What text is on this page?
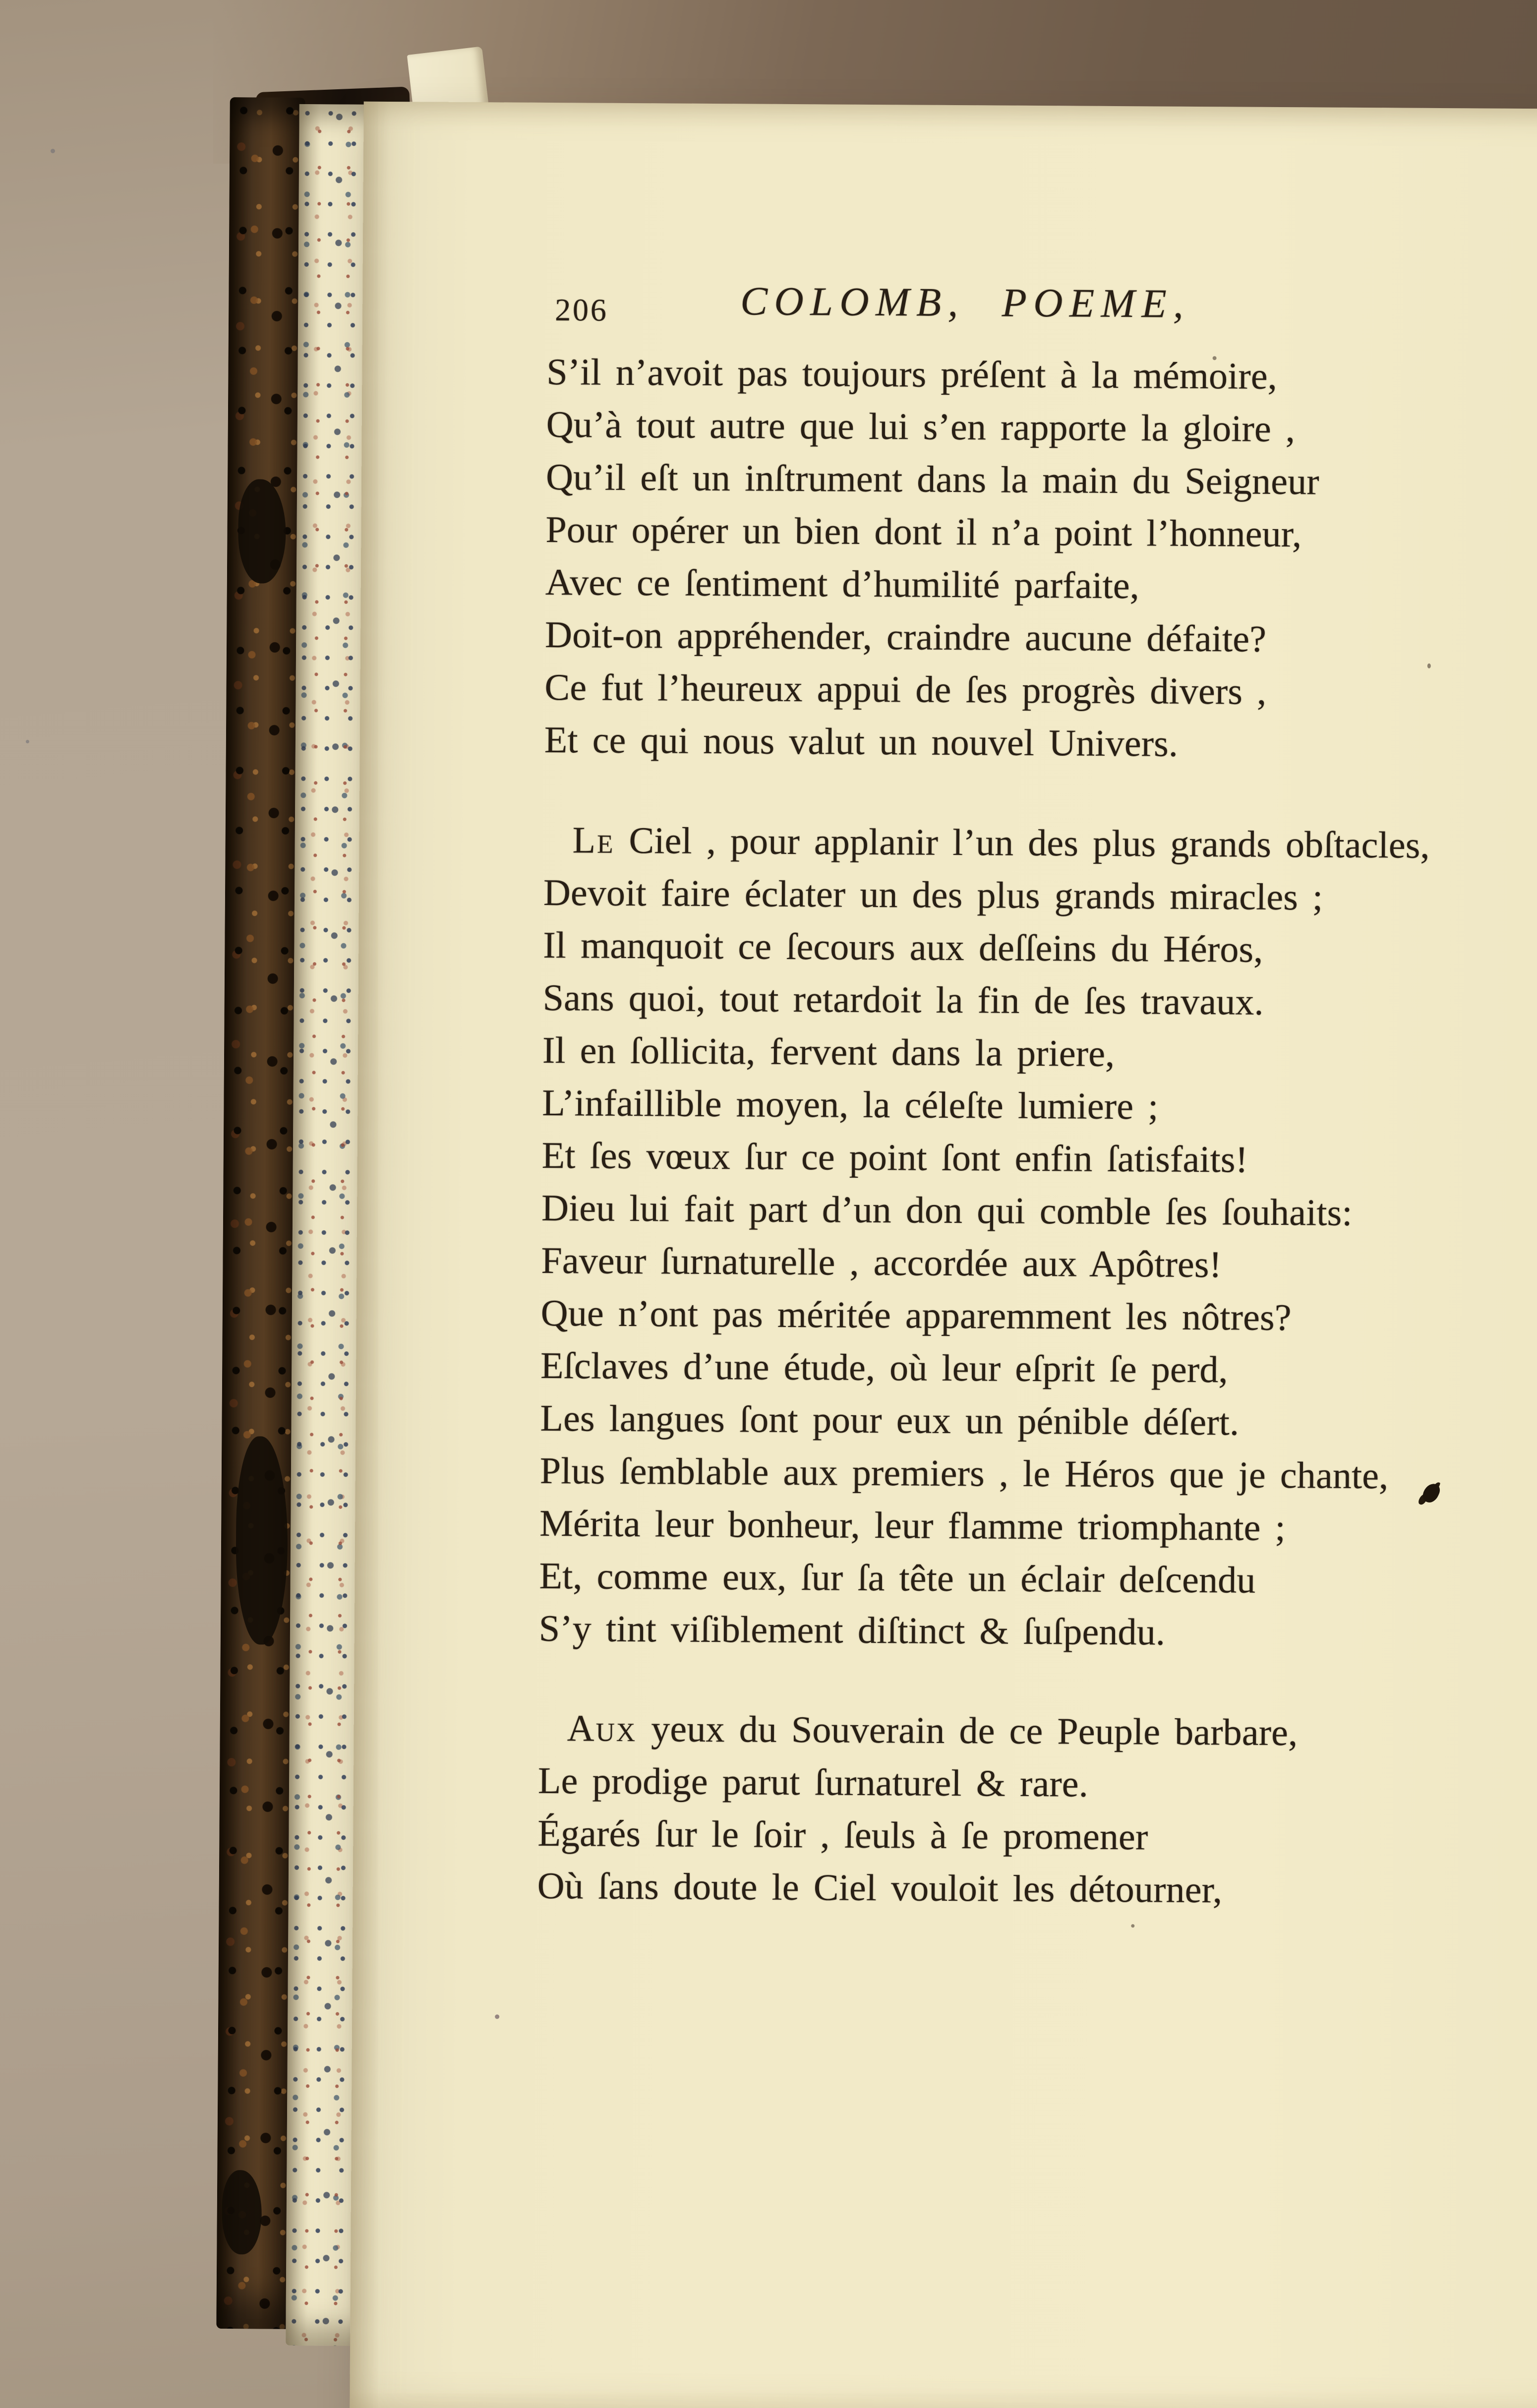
206	COLOMB, POEME,
S’il n’avoit pas toujours préſent à la mémoire,
Qu’à tout autre que lui s’en rapporte la gloire ,
Qu’il eſt un inſtrument dans la main du Seigneur
Pour opérer un bien dont il n’a point l’honneur,
Avec ce ſentiment d’humilité parfaite,
Doit-on appréhender, craindre aucune défaite?
Ce fut l’heureux appui de ſes progrès divers ,
Et ce qui nous valut un nouvel Univers.
Le Ciel , pour applanir l’un des plus grands obſtacles,
Devoit faire éclater un des plus grands miracles ;
Il manquoit ce ſecours aux deſſeins du Héros,
Sans quoi, tout retardoit la fin de ſes travaux.
Il en ſollicita, fervent dans la priere,
L’infaillible moyen, la céleſte lumiere ;
Et ſes vœux ſur ce point ſont enfin ſatisfaits!
Dieu lui fait part d’un don qui comble ſes ſouhaits:
Faveur ſurnaturelle , accordée aux Apôtres!
Que n’ont pas méritée apparemment les nôtres?
Eſclaves d’une étude, où leur eſprit ſe perd,
Les langues ſont pour eux un pénible déſert.
Plus ſemblable aux premiers , le Héros que je chante,
Mérita leur bonheur, leur flamme triomphante ;
Et, comme eux, ſur ſa tête un éclair deſcendu
S’y tint viſiblement diſtinct & ſuſpendu.
Aux yeux du Souverain de ce Peuple barbare,
Le prodige parut ſurnaturel & rare.
Égarés ſur le ſoir , ſeuls à ſe promener
Où ſans doute le Ciel vouloit les détourner,
